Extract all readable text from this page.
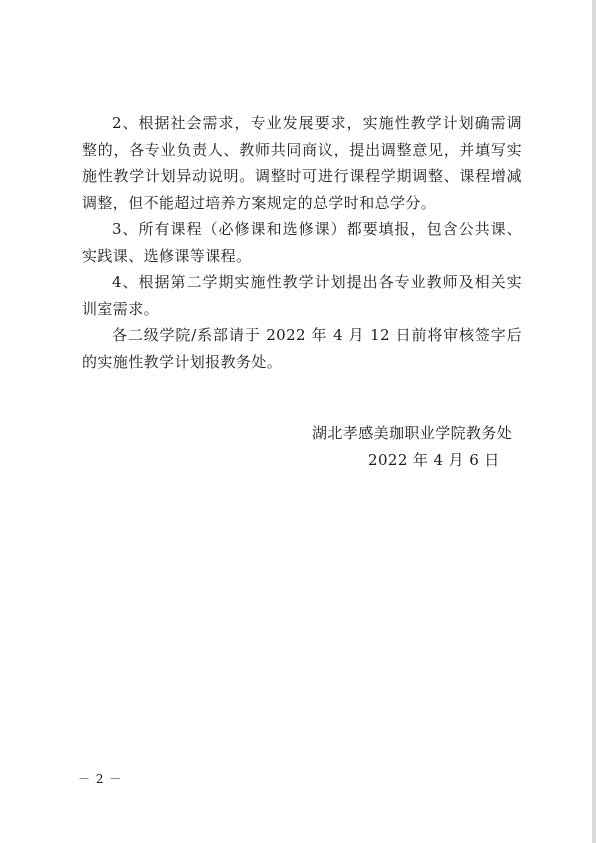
2、根据社会需求，专业发展要求，实施性教学计划确需调整的，各专业负责人、教师共同商议，提出调整意见，并填写实施性教学计划异动说明。调整时可进行课程学期调整、课程增减调整，但不能超过培养方案规定的总学时和总学分。

3、所有课程（必修课和选修课）都要填报，包含公共课、实践课、选修课等课程。

4、根据第二学期实施性教学计划提出各专业教师及相关实训室需求。

各二级学院/系部请于 2022 年 4 月 12 日前将审核签字后的实施性教学计划报教务处。

湖北孝感美珈职业学院教务处
2022 年 4 月 6 日
－ 2 －
